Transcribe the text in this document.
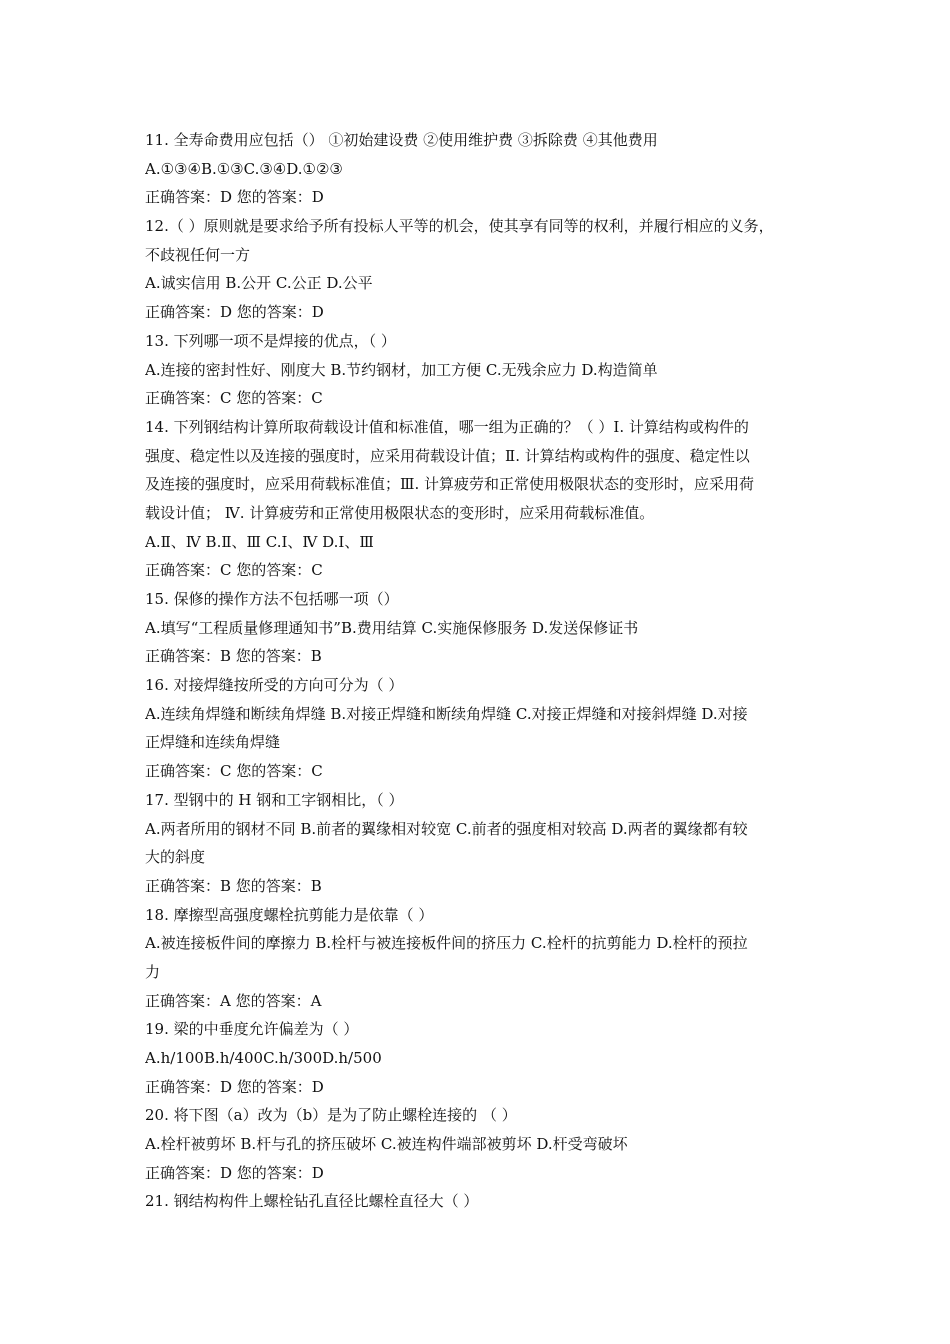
11. 全寿命费用应包括（） ①初始建设费 ②使用维护费 ③拆除费 ④其他费用
A.①③④B.①③C.③④D.①②③
正确答案：D 您的答案：D
12.（ ）原则就是要求给予所有投标人平等的机会，使其享有同等的权利，并履行相应的义务，
不歧视任何一方
A.诚实信用 B.公开 C.公正 D.公平
正确答案：D 您的答案：D
13. 下列哪一项不是焊接的优点，（ ）
A.连接的密封性好、刚度大 B.节约钢材，加工方便 C.无残余应力 D.构造简单
正确答案：C 您的答案：C
14. 下列钢结构计算所取荷载设计值和标准值，哪一组为正确的？（ ）Ⅰ. 计算结构或构件的
强度、稳定性以及连接的强度时，应采用荷载设计值；Ⅱ. 计算结构或构件的强度、稳定性以
及连接的强度时，应采用荷载标准值；Ⅲ. 计算疲劳和正常使用极限状态的变形时，应采用荷
载设计值； Ⅳ. 计算疲劳和正常使用极限状态的变形时，应采用荷载标准值。
A.Ⅱ、Ⅳ B.Ⅱ、Ⅲ C.Ⅰ、Ⅳ D.Ⅰ、Ⅲ
正确答案：C 您的答案：C
15. 保修的操作方法不包括哪一项（）
A.填写“工程质量修理通知书”B.费用结算 C.实施保修服务 D.发送保修证书
正确答案：B 您的答案：B
16. 对接焊缝按所受的方向可分为（ ）
A.连续角焊缝和断续角焊缝 B.对接正焊缝和断续角焊缝 C.对接正焊缝和对接斜焊缝 D.对接
正焊缝和连续角焊缝
正确答案：C 您的答案：C
17. 型钢中的 H 钢和工字钢相比，（ ）
A.两者所用的钢材不同 B.前者的翼缘相对较宽 C.前者的强度相对较高 D.两者的翼缘都有较
大的斜度
正确答案：B 您的答案：B
18. 摩擦型高强度螺栓抗剪能力是依靠（ ）
A.被连接板件间的摩擦力 B.栓杆与被连接板件间的挤压力 C.栓杆的抗剪能力 D.栓杆的预拉
力
正确答案：A 您的答案：A
19. 梁的中垂度允许偏差为（ ）
A.h/100B.h/400C.h/300D.h/500
正确答案：D 您的答案：D
20. 将下图（a）改为（b）是为了防止螺栓连接的 （ ）
A.栓杆被剪坏 B.杆与孔的挤压破坏 C.被连构件端部被剪坏 D.杆受弯破坏
正确答案：D 您的答案：D
21. 钢结构构件上螺栓钻孔直径比螺栓直径大（ ）
